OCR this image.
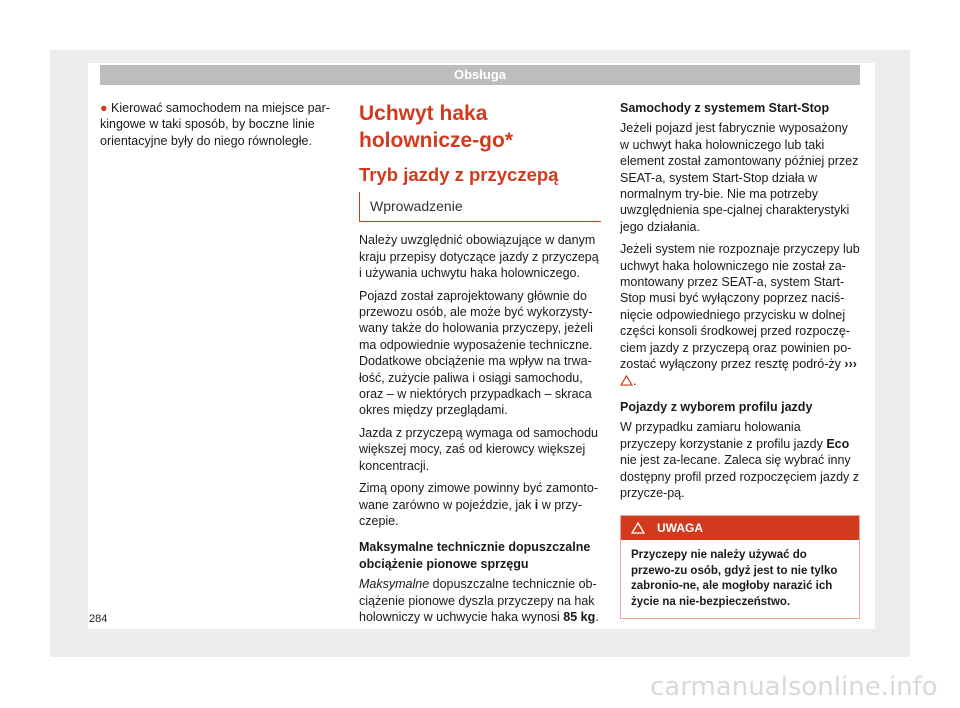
Obsługa

● Kierować samochodem na miejsce par-kingowe w taki sposób, by boczne linie orientacyjne były do niego równoległe.

Uchwyt haka holownicze-go*
Tryb jazdy z przyczepą
Wprowadzenie

Należy uwzględnić obowiązujące w danym kraju przepisy dotyczące jazdy z przyczepą i używania uchwytu haka holowniczego.

Pojazd został zaprojektowany głównie do przewozu osób, ale może być wykorzysty-wany także do holowania przyczepy, jeżeli ma odpowiednie wyposażenie techniczne. Dodatkowe obciążenie ma wpływ na trwa-łość, zużycie paliwa i osiągi samochodu, oraz – w niektórych przypadkach – skraca okres między przeglądami.

Jazda z przyczepą wymaga od samochodu większej mocy, zaś od kierowcy większej koncentracji.

Zimą opony zimowe powinny być zamonto-wane zarówno w pojeździe, jak i w przy-czepie.

Maksymalne technicznie dopuszczalne obciążenie pionowe sprzęgu

Maksymalne dopuszczalne technicznie ob-ciążenie pionowe dyszla przyczepy na hak holowniczy w uchwycie haka wynosi 85 kg.

Samochody z systemem Start-Stop

Jeżeli pojazd jest fabrycznie wyposażony w uchwyt haka holowniczego lub taki element został zamontowany później przez SEAT-a, system Start-Stop działa w normalnym try-bie. Nie ma potrzeby uwzględnienia spe-cjalnej charakterystyki jego działania.

Jeżeli system nie rozpoznaje przyczepy lub uchwyt haka holowniczego nie został za-montowany przez SEAT-a, system Start-Stop musi być wyłączony poprzez naciś-nięcie odpowiedniego przycisku w dolnej części konsoli środkowej przed rozpoczę-ciem jazdy z przyczepą oraz powinien po-zostać wyłączony przez resztę podró-ży ››› .

Pojazdy z wyborem profilu jazdy

W przypadku zamiaru holowania przyczepy korzystanie z profilu jazdy Eco nie jest za-lecane. Zaleca się wybrać inny dostępny profil przed rozpoczęciem jazdy z przycze-pą.

UWAGA
Przyczepy nie należy używać do przewo-zu osób, gdyż jest to nie tylko zabronio-ne, ale mogłoby narazić ich życie na nie-bezpieczeństwo.
284
carmanualsonline.info
